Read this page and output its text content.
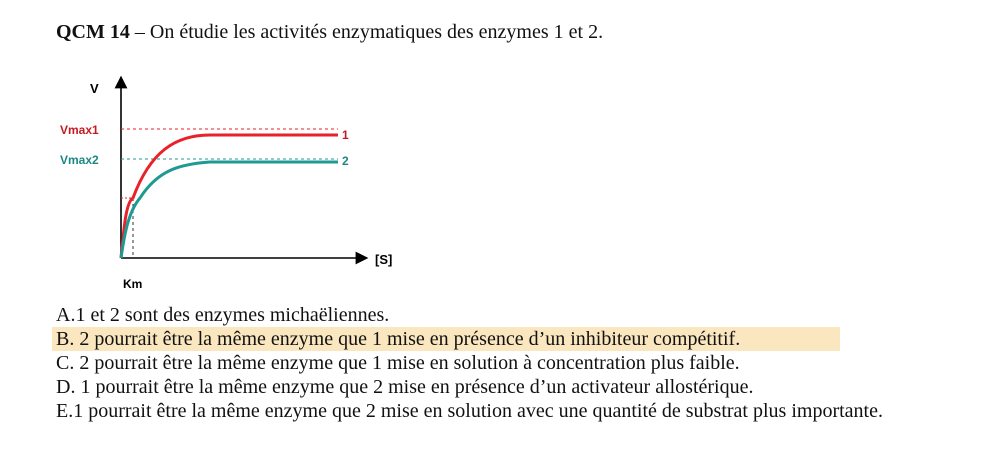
QCM 14 – On étudie les activités enzymatiques des enzymes 1 et 2.
V
[S]
Vmax1
Vmax2
1
2
Km
A.1 et 2 sont des enzymes michaëliennes.
B. 2 pourrait être la même enzyme que 1 mise en présence d’un inhibiteur compétitif.
C. 2 pourrait être la même enzyme que 1 mise en solution à concentration plus faible.
D. 1 pourrait être la même enzyme que 2 mise en présence d’un activateur allostérique.
E.1 pourrait être la même enzyme que 2 mise en solution avec une quantité de substrat plus importante.
